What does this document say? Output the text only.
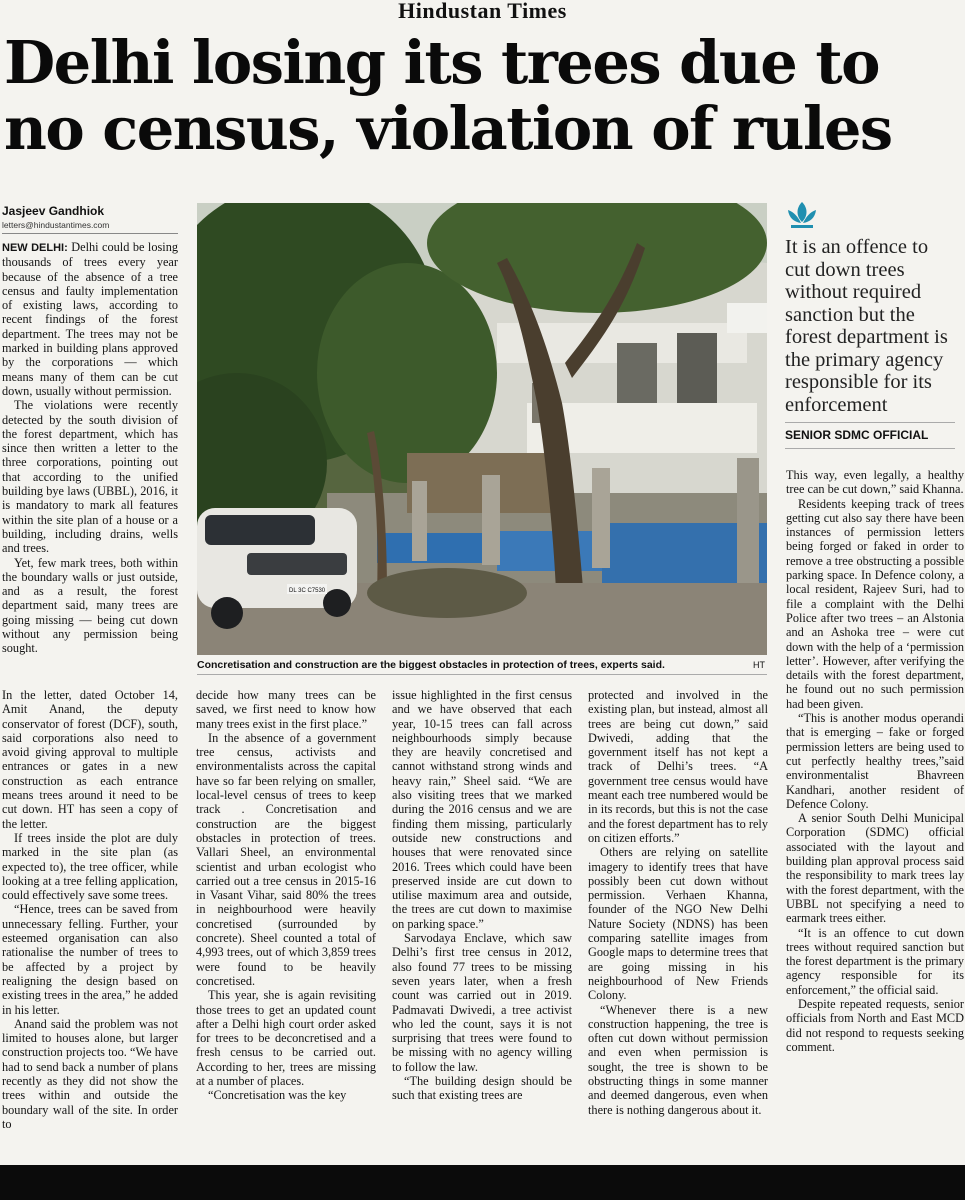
Hindustan Times
Delhi losing its trees due to no census, violation of rules
Jasjeev Gandhiok
letters@hindustantimes.com

NEW DELHI: Delhi could be losing thousands of trees every year because of the absence of a tree census and faulty implementation of existing laws, according to recent findings of the forest department. The trees may not be marked in building plans approved by the corporations — which means many of them can be cut down, usually without permission.

The violations were recently detected by the south division of the forest department, which has since then written a letter to the three corporations, pointing out that according to the unified building bye laws (UBBL), 2016, it is mandatory to mark all features within the site plan of a house or a building, including drains, wells and trees.

Yet, few mark trees, both within the boundary walls or just outside, and as a result, the forest department said, many trees are going missing — being cut down without any permission being sought.

DL 3C C7530
Concretisation and construction are the biggest obstacles in protection of trees, experts said.	HT
It is an offence to cut down trees without required sanction but the forest department is the primary agency responsible for its enforcement
SENIOR SDMC OFFICIAL

This way, even legally, a healthy tree can be cut down,” said Khanna.

Residents keeping track of trees getting cut also say there have been instances of permission letters being forged or faked in order to remove a tree obstructing a possible parking space. In Defence colony, a local resident, Rajeev Suri, had to file a complaint with the Delhi Police after two trees – an Alstonia and an Ashoka tree – were cut down with the help of a ‘permission letter’. However, after verifying the details with the forest department, he found out no such permission had been given.

“This is another modus operandi that is emerging – fake or forged permission letters are being used to cut perfectly healthy trees,”said environmentalist Bhavreen Kandhari, another resident of Defence Colony.

A senior South Delhi Municipal Corporation (SDMC) official associated with the layout and building plan approval process said the responsibility to mark trees lay with the forest department, with the UBBL not specifying a need to earmark trees either.

“It is an offence to cut down trees without required sanction but the forest department is the primary agency responsible for its enforcement,” the official said.

Despite repeated requests, senior officials from North and East MCD did not respond to requests seeking comment.

In the letter, dated October 14, Amit Anand, the deputy conservator of forest (DCF), south, said corporations also need to avoid giving approval to multiple entrances or gates in a new construction as each entrance means trees around it need to be cut down. HT has seen a copy of the letter.

If trees inside the plot are duly marked in the site plan (as expected to), the tree officer, while looking at a tree felling application, could effectively save some trees.

“Hence, trees can be saved from unnecessary felling. Further, your esteemed organisation can also rationalise the number of trees to be affected by a project by realigning the design based on existing trees in the area,” he added in his letter.

Anand said the problem was not limited to houses alone, but larger construction projects too. “We have had to send back a number of plans recently as they did not show the trees within and outside the boundary wall of the site. In order to

decide how many trees can be saved, we first need to know how many trees exist in the first place.”

In the absence of a government tree census, activists and environmentalists across the capital have so far been relying on smaller, local-level census of trees to keep track . Concretisation and construction are the biggest obstacles in protection of trees. Vallari Sheel, an environmental scientist and urban ecologist who carried out a tree census in 2015-16 in Vasant Vihar, said 80% the trees in neighbourhood were heavily concretised (surrounded by concrete). Sheel counted a total of 4,993 trees, out of which 3,859 trees were found to be heavily concretised.

This year, she is again revisiting those trees to get an updated count after a Delhi high court order asked for trees to be deconcretised and a fresh census to be carried out. According to her, trees are missing at a number of places.

“Concretisation was the key

issue highlighted in the first census and we have observed that each year, 10-15 trees can fall across neighbourhoods simply because they are heavily concretised and cannot withstand strong winds and heavy rain,” Sheel said. “We are also visiting trees that we marked during the 2016 census and we are finding them missing, particularly outside new constructions and houses that were renovated since 2016. Trees which could have been preserved inside are cut down to utilise maximum area and outside, the trees are cut down to maximise on parking space.”

Sarvodaya Enclave, which saw Delhi’s first tree census in 2012, also found 77 trees to be missing seven years later, when a fresh count was carried out in 2019. Padmavati Dwivedi, a tree activist who led the count, says it is not surprising that trees were found to be missing with no agency willing to follow the law.

“The building design should be such that existing trees are

protected and involved in the existing plan, but instead, almost all trees are being cut down,” said Dwivedi, adding that the government itself has not kept a track of Delhi’s trees. “A government tree census would have meant each tree numbered would be in its records, but this is not the case and the forest department has to rely on citizen efforts.”

Others are relying on satellite imagery to identify trees that have possibly been cut down without permission. Verhaen Khanna, founder of the NGO New Delhi Nature Society (NDNS) has been comparing satellite images from Google maps to determine trees that are going missing in his neighbourhood of New Friends Colony.

“Whenever there is a new construction happening, the tree is often cut down without permission and even when permission is sought, the tree is shown to be obstructing things in some manner and deemed dangerous, even when there is nothing dangerous about it.
